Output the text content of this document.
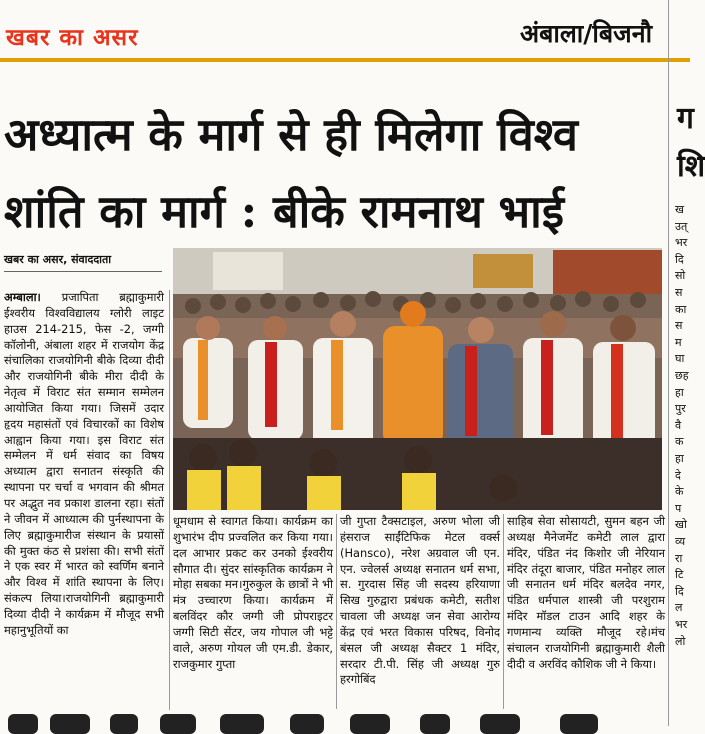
खबर का असर	अंबाला/बिजनौ
अध्यात्म के मार्ग से ही मिलेगा विश्व
शांति का मार्ग : बीके रामनाथ भाई
खबर का असर, संवाददाता
अम्बाला। प्रजापिता ब्रह्माकुमारी ईश्वरीय विश्वविद्यालय ग्लोरी लाइट हाउस 214-215, फेस -2, जग्गी कॉलोनी, अंबाला शहर में राजयोग केंद्र संचालिका राजयोगिनी बीके दिव्या दीदी और राजयोगिनी बीके मीरा दीदी के नेतृत्व में विराट संत सम्मान सम्मेलन आयोजित किया गया। जिसमें उदार हृदय महासंतों एवं विचारकों का विशेष आह्वान किया गया। इस विराट संत सम्मेलन में धर्म संवाद का विषय अध्यात्म द्वारा सनातन संस्कृति की स्थापना पर चर्चा व भगवान की श्रीमत पर अद्भुत नव प्रकाश डालना रहा। संतों ने जीवन में आध्यात्म की पुर्नस्थापना के लिए ब्रह्माकुमारीज संस्थान के प्रयासों की मुक्त कंठ से प्रशंसा की। सभी संतों ने एक स्वर में भारत को स्वर्णिम बनाने और विश्व में शांति स्थापना के लिए। संकल्प लिया।राजयोगिनी ब्रह्माकुमारी दिव्या दीदी ने कार्यक्रम में मौजूद सभी महानुभूतियों का
धूमधाम से स्वागत किया। कार्यक्रम का शुभारंभ दीप प्रज्वलित कर किया गया। दल आभार प्रकट कर उनको ईश्वरीय सौगात दी। सुंदर सांस्कृतिक कार्यक्रम ने मोहा सबका मन।गुरुकुल के छात्रों ने भी मंत्र उच्चारण किया। कार्यक्रम में बलविंदर कौर जग्गी जी प्रोपराइटर जग्गी सिटी सेंटर, जय गोपाल जी भट्टे वाले, अरुण गोयल जी एम.डी. डेकार, राजकुमार गुप्ता
जी गुप्ता टैक्सटाइल, अरुण भोला जी हंसराज साईंटिफिक मेटल वर्क्स (Hansco), नरेश अग्रवाल जी एन. एन. ज्वेलर्स अध्यक्ष सनातन धर्म सभा, स. गुरदास सिंह जी सदस्य हरियाणा सिख गुरुद्वारा प्रबंधक कमेटी, सतीश चावला जी अध्यक्ष जन सेवा आरोग्य केंद्र एवं भरत विकास परिषद, विनोद बंसल जी अध्यक्ष सैक्टर 1 मंदिर, सरदार टी.पी. सिंह जी अध्यक्ष गुरु हरगोबिंद
साहिब सेवा सोसायटी, सुमन बहन जी अध्यक्ष मैनेजमेंट कमेटी लाल द्वारा मंदिर, पंडित नंद किशोर जी नेरियान मंदिर तंदूरा बाजार, पंडित मनोहर लाल जी सनातन धर्म मंदिर बलदेव नगर, पंडित धर्मपाल शास्त्री जी परशुराम मंदिर मॉडल टाउन आदि शहर के गणमान्य व्यक्ति मौजूद रहे।मंच संचालन राजयोगिनी ब्रह्माकुमारी शैली दीदी व अरविंद कौशिक जी ने किया।
ग
शि
ख
उत्
भर
दि
सो
स
का
स
म
घा
छह
हा
पुर
वै
क
हा
दे
के
प
खो
व्य
रा
टि
दि
ल
भर
लो
